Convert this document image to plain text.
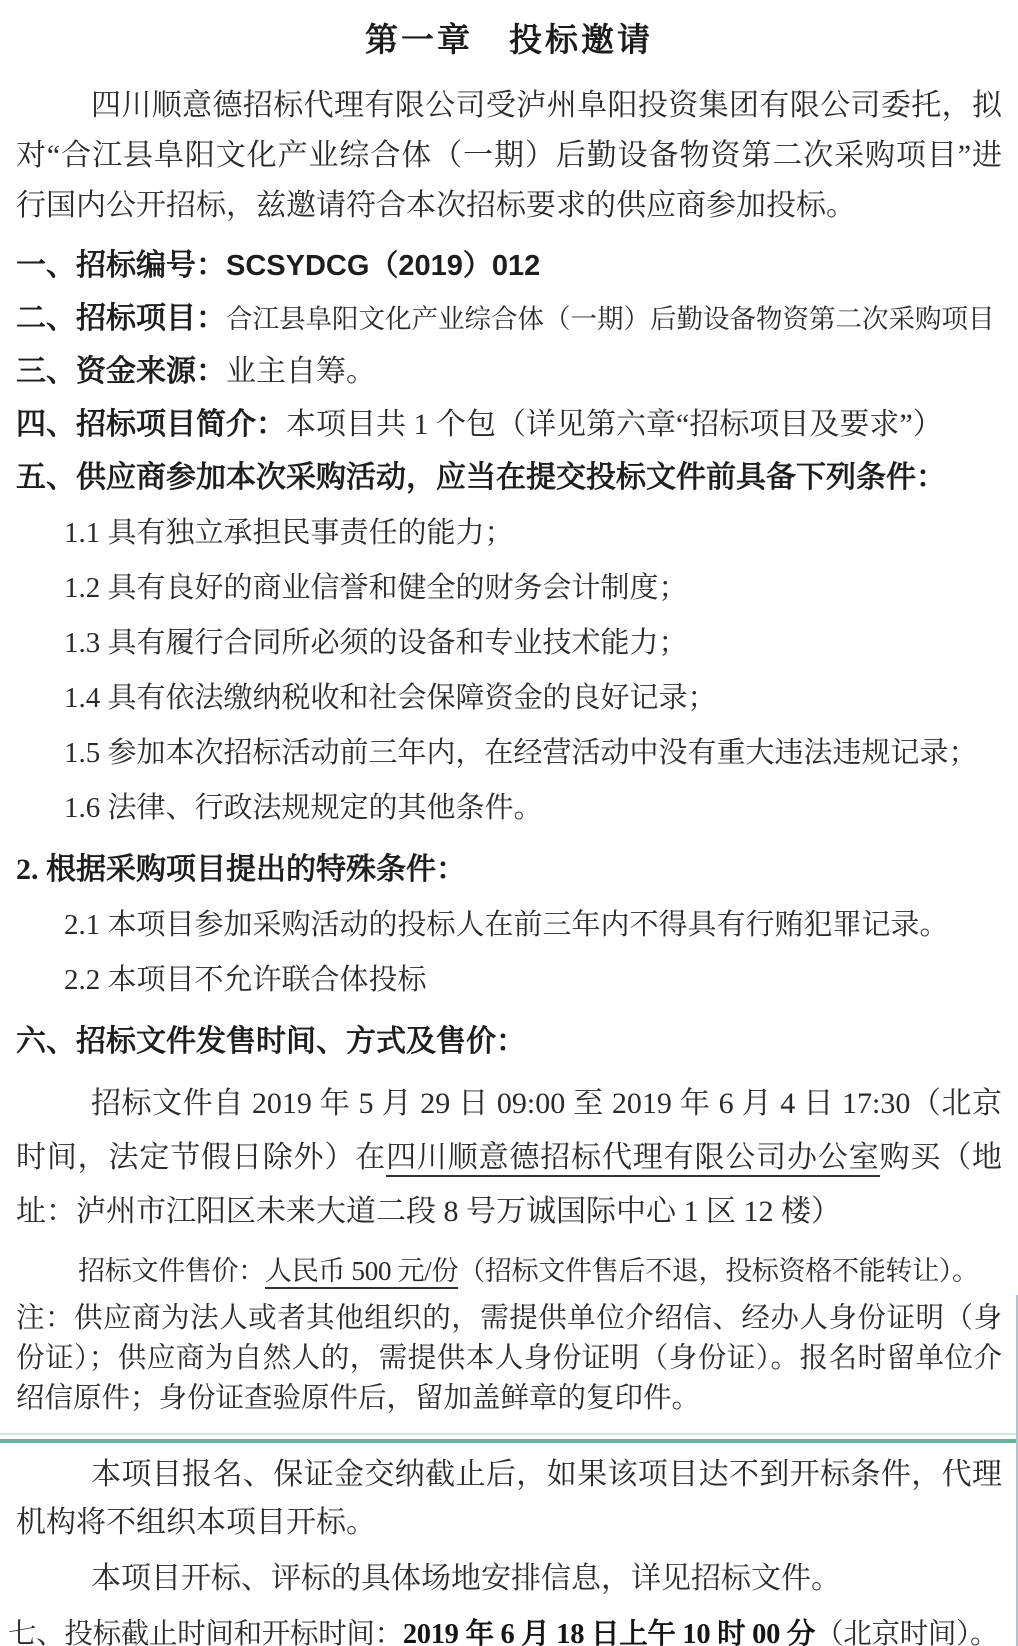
第一章　投标邀请

四川顺意德招标代理有限公司受泸州阜阳投资集团有限公司委托，拟对“合江县阜阳文化产业综合体（一期）后勤设备物资第二次采购项目”进行国内公开招标，兹邀请符合本次招标要求的供应商参加投标。

一、招标编号：SCSYDCG（2019）012
二、招标项目：合江县阜阳文化产业综合体（一期）后勤设备物资第二次采购项目
三、资金来源：业主自筹。
四、招标项目简介：本项目共 1 个包（详见第六章“招标项目及要求”）
五、供应商参加本次采购活动，应当在提交投标文件前具备下列条件：
1.1 具有独立承担民事责任的能力；
1.2 具有良好的商业信誉和健全的财务会计制度；
1.3 具有履行合同所必须的设备和专业技术能力；
1.4 具有依法缴纳税收和社会保障资金的良好记录；
1.5 参加本次招标活动前三年内，在经营活动中没有重大违法违规记录；
1.6 法律、行政法规规定的其他条件。
2. 根据采购项目提出的特殊条件：
2.1 本项目参加采购活动的投标人在前三年内不得具有行贿犯罪记录。
2.2 本项目不允许联合体投标
六、招标文件发售时间、方式及售价：

招标文件自 2019 年 5 月 29 日 09:00 至 2019 年 6 月 4 日 17:30（北京时间，法定节假日除外）在四川顺意德招标代理有限公司办公室购买（地址：泸州市江阳区未来大道二段 8 号万诚国际中心 1 区 12 楼）

招标文件售价：人民币 500 元/份（招标文件售后不退，投标资格不能转让）。

注：供应商为法人或者其他组织的，需提供单位介绍信、经办人身份证明（身份证）；供应商为自然人的，需提供本人身份证明（身份证）。报名时留单位介绍信原件；身份证查验原件后，留加盖鲜章的复印件。

本项目报名、保证金交纳截止后，如果该项目达不到开标条件，代理机构将不组织本项目开标。

本项目开标、评标的具体场地安排信息，详见招标文件。

七、投标截止时间和开标时间：2019 年 6 月 18 日上午 10 时 00 分（北京时间）。
